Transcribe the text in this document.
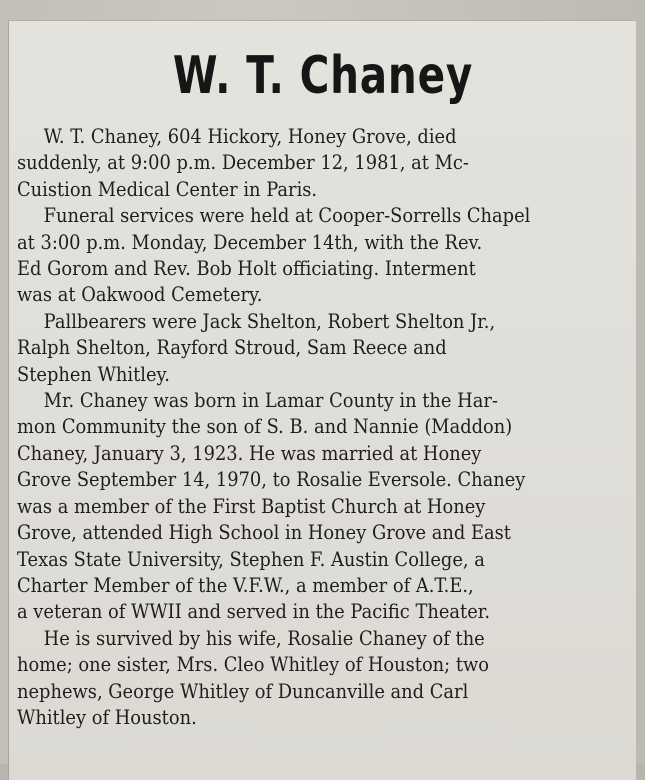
W. T. Chaney

W. T. Chaney, 604 Hickory, Honey Grove, died
suddenly, at 9:00 p.m. December 12, 1981, at Mc-
Cuistion Medical Center in Paris.

Funeral services were held at Cooper-Sorrells Chapel
at 3:00 p.m. Monday, December 14th, with the Rev.
Ed Gorom and Rev. Bob Holt officiating. Interment
was at Oakwood Cemetery.

Pallbearers were Jack Shelton, Robert Shelton Jr.,
Ralph Shelton, Rayford Stroud, Sam Reece and
Stephen Whitley.

Mr. Chaney was born in Lamar County in the Har-
mon Community the son of S. B. and Nannie (Maddon)
Chaney, January 3, 1923. He was married at Honey
Grove September 14, 1970, to Rosalie Eversole. Chaney
was a member of the First Baptist Church at Honey
Grove, attended High School in Honey Grove and East
Texas State University, Stephen F. Austin College, a
Charter Member of the V.F.W., a member of A.T.E.,
a veteran of WWII and served in the Pacific Theater.

He is survived by his wife, Rosalie Chaney of the
home; one sister, Mrs. Cleo Whitley of Houston; two
nephews, George Whitley of Duncanville and Carl
Whitley of Houston.
